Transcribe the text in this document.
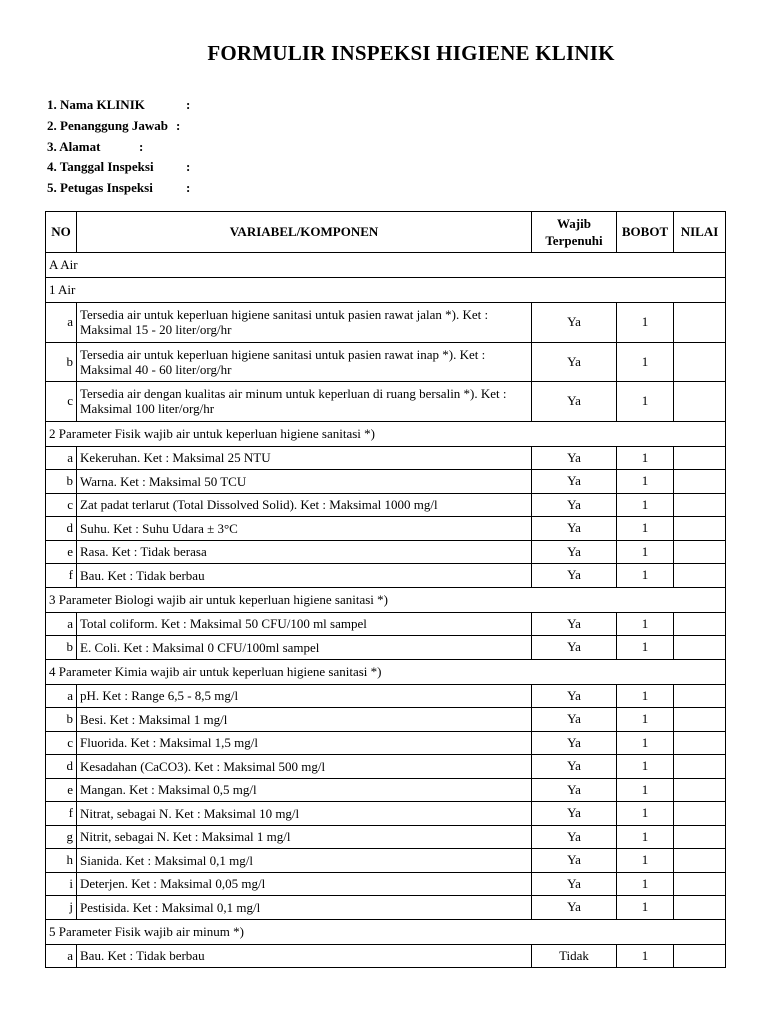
FORMULIR INSPEKSI HIGIENE KLINIK
1. Nama KLINIK	:
2. Penanggung Jawab :
3. Alamat	:
4. Tanggal Inspeksi :
5. Petugas Inspeksi	:
NO	VARIABEL/KOMPONEN	Wajib Terpenuhi	BOBOT	NILAI
A Air				
1 Air				
a	Tersedia air untuk keperluan higiene sanitasi untuk pasien rawat jalan *). Ket : Maksimal 15 - 20 liter/org/hr	Ya	1	
b	Tersedia air untuk keperluan higiene sanitasi untuk pasien rawat inap *). Ket : Maksimal 40 - 60 liter/org/hr	Ya	1	
c	Tersedia air dengan kualitas air minum untuk keperluan di ruang bersalin *). Ket : Maksimal 100 liter/org/hr	Ya	1	
2 Parameter Fisik wajib air untuk keperluan higiene sanitasi *)				
a	Kekeruhan. Ket : Maksimal 25 NTU	Ya	1	
b	Warna. Ket : Maksimal 50 TCU	Ya	1	
c	Zat padat terlarut (Total Dissolved Solid). Ket : Maksimal 1000 mg/l	Ya	1	
d	Suhu. Ket : Suhu Udara ± 3°C	Ya	1	
e	Rasa. Ket : Tidak berasa	Ya	1	
f	Bau. Ket : Tidak berbau	Ya	1	
3 Parameter Biologi wajib air untuk keperluan higiene sanitasi *)				
a	Total coliform. Ket : Maksimal 50 CFU/100 ml sampel	Ya	1	
b	E. Coli. Ket : Maksimal 0 CFU/100ml sampel	Ya	1	
4 Parameter Kimia wajib air untuk keperluan higiene sanitasi *)				
a	pH. Ket : Range 6,5 - 8,5 mg/l	Ya	1	
b	Besi. Ket : Maksimal 1 mg/l	Ya	1	
c	Fluorida. Ket : Maksimal 1,5 mg/l	Ya	1	
d	Kesadahan (CaCO3). Ket : Maksimal 500 mg/l	Ya	1	
e	Mangan. Ket : Maksimal 0,5 mg/l	Ya	1	
f	Nitrat, sebagai N. Ket : Maksimal 10 mg/l	Ya	1	
g	Nitrit, sebagai N. Ket : Maksimal 1 mg/l	Ya	1	
h	Sianida. Ket : Maksimal 0,1 mg/l	Ya	1	
i	Deterjen. Ket : Maksimal 0,05 mg/l	Ya	1	
j	Pestisida. Ket : Maksimal 0,1 mg/l	Ya	1	
5 Parameter Fisik wajib air minum *)				
a	Bau. Ket : Tidak berbau	Tidak	1	
